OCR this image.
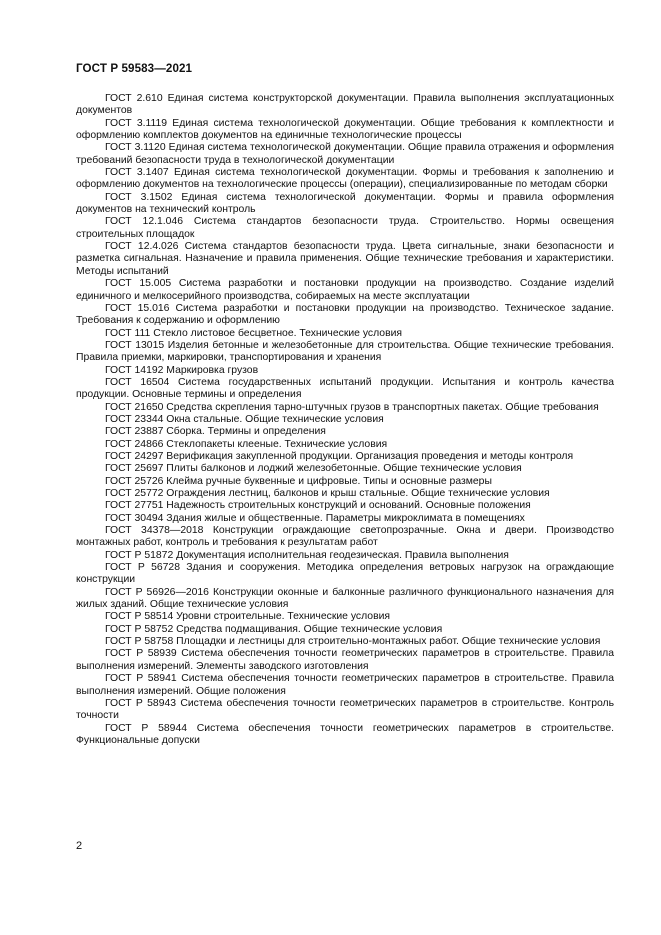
ГОСТ Р 59583—2021

ГОСТ 2.610 Единая система конструкторской документации. Правила выполнения эксплуатационных документов

ГОСТ 3.1119 Единая система технологической документации. Общие требования к комплектности и оформлению комплектов документов на единичные технологические процессы

ГОСТ 3.1120 Единая система технологической документации. Общие правила отражения и оформления требований безопасности труда в технологической документации

ГОСТ 3.1407 Единая система технологической документации. Формы и требования к заполнению и оформлению документов на технологические процессы (операции), специализированные по методам сборки

ГОСТ 3.1502 Единая система технологической документации. Формы и правила оформления документов на технический контроль

ГОСТ 12.1.046 Система стандартов безопасности труда. Строительство. Нормы освещения строительных площадок

ГОСТ 12.4.026 Система стандартов безопасности труда. Цвета сигнальные, знаки безопасности и разметка сигнальная. Назначение и правила применения. Общие технические требования и характеристики. Методы испытаний

ГОСТ 15.005 Система разработки и постановки продукции на производство. Создание изделий единичного и мелкосерийного производства, собираемых на месте эксплуатации

ГОСТ 15.016 Система разработки и постановки продукции на производство. Техническое задание. Требования к содержанию и оформлению

ГОСТ 111 Стекло листовое бесцветное. Технические условия

ГОСТ 13015 Изделия бетонные и железобетонные для строительства. Общие технические требования. Правила приемки, маркировки, транспортирования и хранения

ГОСТ 14192 Маркировка грузов

ГОСТ 16504 Система государственных испытаний продукции. Испытания и контроль качества продукции. Основные термины и определения

ГОСТ 21650 Средства скрепления тарно-штучных грузов в транспортных пакетах. Общие требования

ГОСТ 23344 Окна стальные. Общие технические условия

ГОСТ 23887 Сборка. Термины и определения

ГОСТ 24866 Стеклопакеты клееные. Технические условия

ГОСТ 24297 Верификация закупленной продукции. Организация проведения и методы контроля

ГОСТ 25697 Плиты балконов и лоджий железобетонные. Общие технические условия

ГОСТ 25726 Клейма ручные буквенные и цифровые. Типы и основные размеры

ГОСТ 25772 Ограждения лестниц, балконов и крыш стальные. Общие технические условия

ГОСТ 27751 Надежность строительных конструкций и оснований. Основные положения

ГОСТ 30494 Здания жилые и общественные. Параметры микроклимата в помещениях

ГОСТ 34378—2018 Конструкции ограждающие светопрозрачные. Окна и двери. Производство монтажных работ, контроль и требования к результатам работ

ГОСТ Р 51872 Документация исполнительная геодезическая. Правила выполнения

ГОСТ Р 56728 Здания и сооружения. Методика определения ветровых нагрузок на ограждающие конструкции

ГОСТ Р 56926—2016 Конструкции оконные и балконные различного функционального назначения для жилых зданий. Общие технические условия

ГОСТ Р 58514 Уровни строительные. Технические условия

ГОСТ Р 58752 Средства подмащивания. Общие технические условия

ГОСТ Р 58758 Площадки и лестницы для строительно-монтажных работ. Общие технические условия

ГОСТ Р 58939 Система обеспечения точности геометрических параметров в строительстве. Правила выполнения измерений. Элементы заводского изготовления

ГОСТ Р 58941 Система обеспечения точности геометрических параметров в строительстве. Правила выполнения измерений. Общие положения

ГОСТ Р 58943 Система обеспечения точности геометрических параметров в строительстве. Контроль точности

ГОСТ Р 58944 Система обеспечения точности геометрических параметров в строительстве. Функциональные допуски

2
